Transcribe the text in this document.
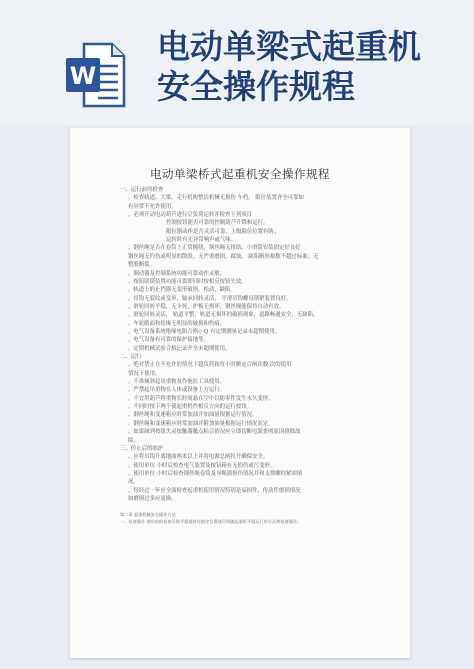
W
电动单梁式起重机
安全操作规程
电动单梁桥式起重机安全操作规程
一、运行前的检查
。检查轨道、大梁、走行机构整洁机械无损伤 车档。 限位装置齐全可靠如
有异常不允许使用。
。必须开动电动葫芦进行空负荷运转并检查下列项目
控制按钮能否可靠的控制葫芦升降和运行。
限位器动作是否灵活可靠，上级限位位置有防；
运转时有无异常响声或气味。
。钢丝绳是否在卷筒上正常缠绕，钢丝绳无扭结、小滑筒安装固定好良好
钢丝绳无钓伤或明显的散股、无严重磨损，腐蚀， 缺陷断丝根数不超过标准；无
整股断裂。
。制动器及控制系统功能可靠动作灵敏。
。按钮联锁装置功能可靠即同时按相反按钮失效。
。轨道上的止挡器无变形破损，松动，缺陷。
。吊钩无裂纹或变形，轴承回转灵活， 平滑吊钩螺母锁紧装置良好。
。滑轮回转平稳，无卡死，护板无损坏，钢丝绳能保持自动有效。
。滑轮回转灵活， 轨道平整，轨道无损坏的破损现象，道路畅通安全，无缺陷。
。车轮踏面和轮缘无明显的破损和伤痕。
。电气设备系统绝缘电阻合格◇ Q 有定期测量记录未超期使用。
。电气设备有可靠的保护接地等。
。定期机械试验合格记录齐全未超期使用。
二、运行
。绝对禁止在不允许的情况下超负荷和每小时额定合闸次数 次的使用
情况下使用。
。不准倾斜起吊重物及作拖拉工具使用。
。严禁起吊重物在人体或设备上方运行。
。不宜用葫芦将重物长时间悬在空中以防零件发生永久变形。
。不同时按下两个使起重机作相反方向的运行按钮。
。钢丝绳和变速箱应时常加油并加油量根据运行情况。
。钢丝绳和变速箱应时常加油并附加油量根据运行情况而定。
。如果碰到按钮失灵按触器触点粘合情况应立即切断电源查明原因排除故
障。
三、停止后的维护
。应将吊钩升离地面两米以上并将电源总闸拉开确保安全。
。使用单位 小时后检查电气装置及按钮箱有无损伤或污变形。
。使用单位 小时后检查钢丝绳卷筒及导绳器损伤情况并和支撑螺栓紧固情
况。
。每经过一年应全面检查起重机使用情况特别是易损件、传动件磨损情况
如磨损过多应更换。
第二章 起重机械安全操作方法
一、检查操作 使用前的检查吊钩平稳地停在指定位置或吊钩随起重机平稳运行的方法和检查操作。
